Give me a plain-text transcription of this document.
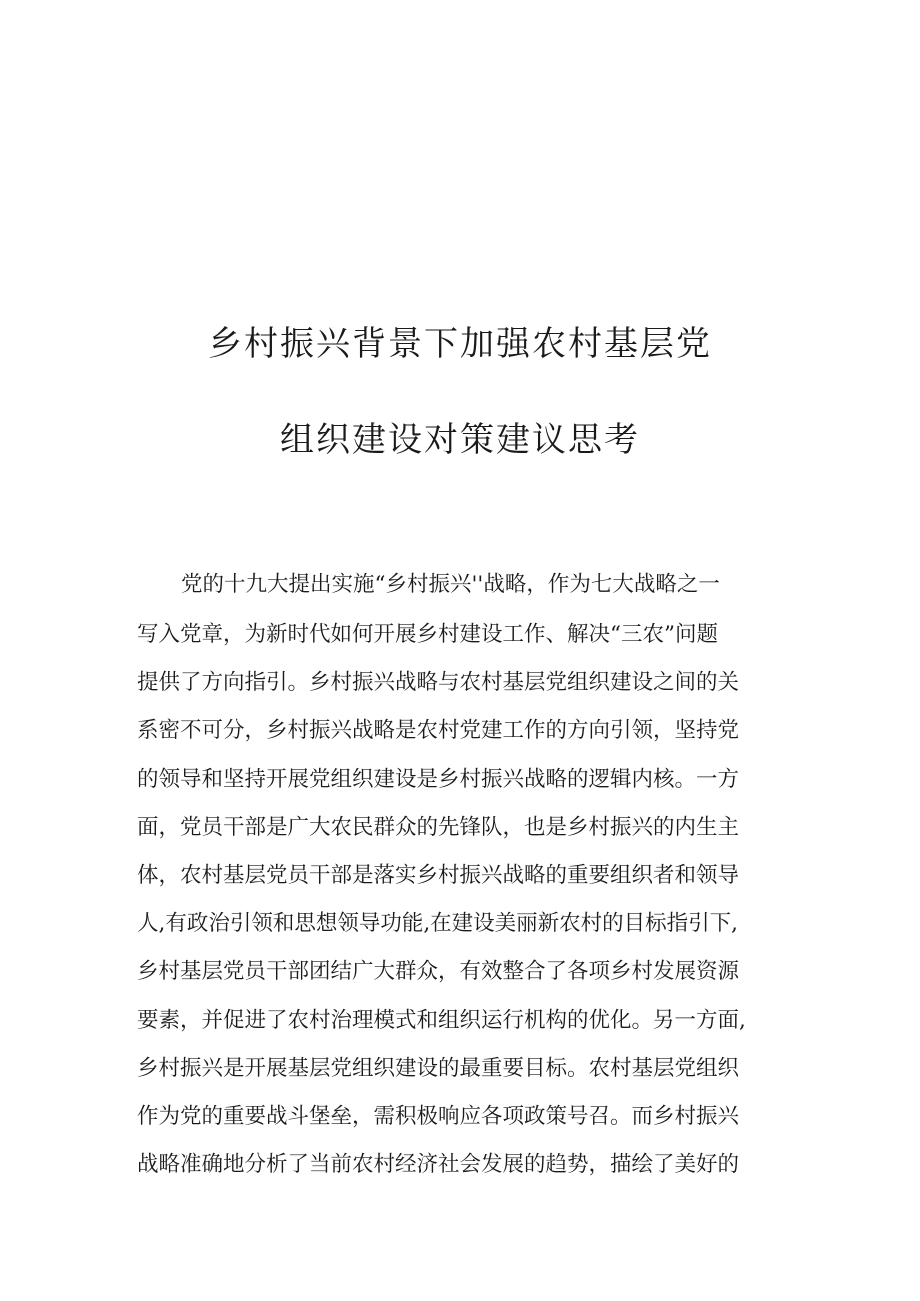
乡村振兴背景下加强农村基层党
组织建设对策建议思考
党的十九大提出实施“乡村振兴''战略，作为七大战略之一
写入党章，为新时代如何开展乡村建设工作、解决“三农”问题
提供了方向指引。乡村振兴战略与农村基层党组织建设之间的关
系密不可分，乡村振兴战略是农村党建工作的方向引领，坚持党
的领导和坚持开展党组织建设是乡村振兴战略的逻辑内核。一方
面，党员干部是广大农民群众的先锋队，也是乡村振兴的内生主
体，农村基层党员干部是落实乡村振兴战略的重要组织者和领导
人,有政治引领和思想领导功能,在建设美丽新农村的目标指引下,
乡村基层党员干部团结广大群众，有效整合了各项乡村发展资源
要素，并促进了农村治理模式和组织运行机构的优化。另一方面,
乡村振兴是开展基层党组织建设的最重要目标。农村基层党组织
作为党的重要战斗堡垒，需积极响应各项政策号召。而乡村振兴
战略准确地分析了当前农村经济社会发展的趋势，描绘了美好的
